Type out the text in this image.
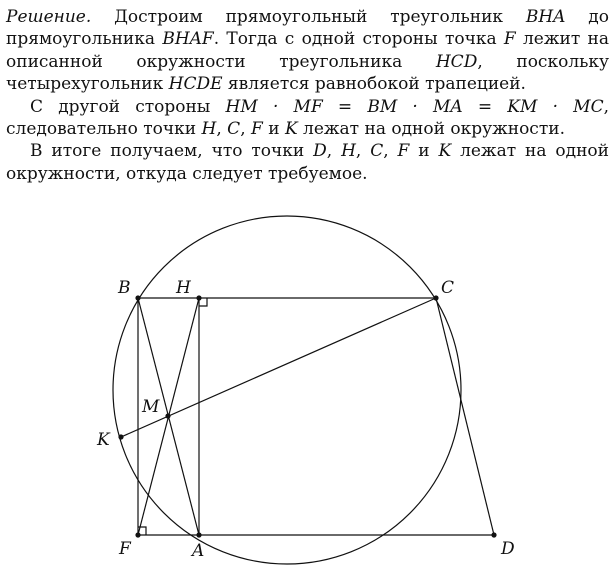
Решение. Достроим прямоугольный треугольник BHA до прямоугольника BHAF. Тогда с одной стороны точка F лежит на описанной окружности треугольника HCD, поскольку четырехугольник HCDE является равнобокой трапецией.

С другой стороны HM · MF = BM · MA = KM · MC, следовательно точки H, C, F и K лежат на одной окружности.

В итоге получаем, что точки D, H, C, F и K лежат на одной окружности, откуда следует требуемое.

B	H	C
M
K
F	A	D
